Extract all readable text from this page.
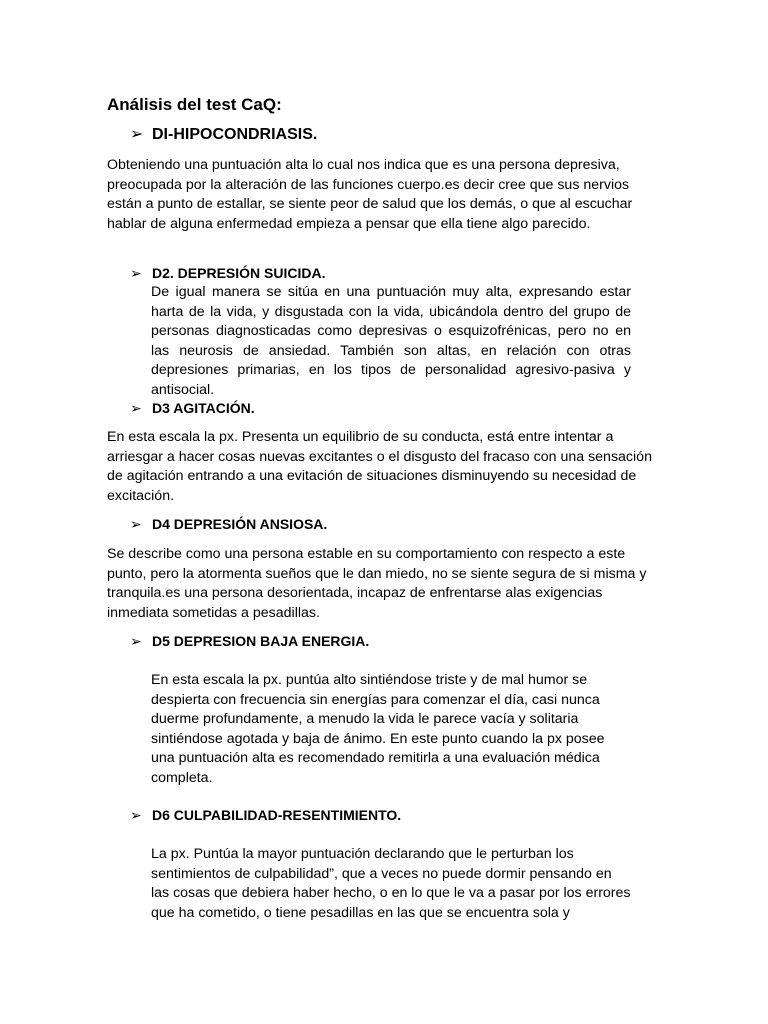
Análisis del test CaQ:
➢ DI-HIPOCONDRIASIS.

Obteniendo una puntuación alta lo cual nos indica que es una persona depresiva, preocupada por la alteración de las funciones cuerpo.es decir cree que sus nervios están a punto de estallar, se siente peor de salud que los demás, o que al escuchar hablar de alguna enfermedad empieza a pensar que ella tiene algo parecido.

➢ D2. DEPRESIÓN SUICIDA.

De igual manera se sitúa en una puntuación muy alta, expresando estar harta de la vida, y disgustada con la vida, ubicándola dentro del grupo de personas diagnosticadas como depresivas o esquizofrénicas, pero no en las neurosis de ansiedad. También son altas, en relación con otras depresiones primarias, en los tipos de personalidad agresivo-pasiva y antisocial.

➢ D3 AGITACIÓN.

En esta escala la px. Presenta un equilibrio de su conducta, está entre intentar a arriesgar a hacer cosas nuevas excitantes o el disgusto del fracaso con una sensación de agitación entrando a una evitación de situaciones disminuyendo su necesidad de excitación.

➢ D4 DEPRESIÓN ANSIOSA.

Se describe como una persona estable en su comportamiento con respecto a este punto, pero la atormenta sueños que le dan miedo, no se siente segura de si misma y tranquila.es una persona desorientada, incapaz de enfrentarse alas exigencias inmediata sometidas a pesadillas.

➢ D5 DEPRESION BAJA ENERGIA.

En esta escala la px. puntúa alto sintiéndose triste y de mal humor se despierta con frecuencia sin energías para comenzar el día, casi nunca duerme profundamente, a menudo la vida le parece vacía y solitaria sintiéndose agotada y baja de ánimo. En este punto cuando la px posee una puntuación alta es recomendado remitirla a una evaluación médica completa.

➢ D6 CULPABILIDAD-RESENTIMIENTO.

La px. Puntúa la mayor puntuación declarando que le perturban los sentimientos de culpabilidad”, que a veces no puede dormir pensando en las cosas que debiera haber hecho, o en lo que le va a pasar por los errores que ha cometido, o tiene pesadillas en las que se encuentra sola y
